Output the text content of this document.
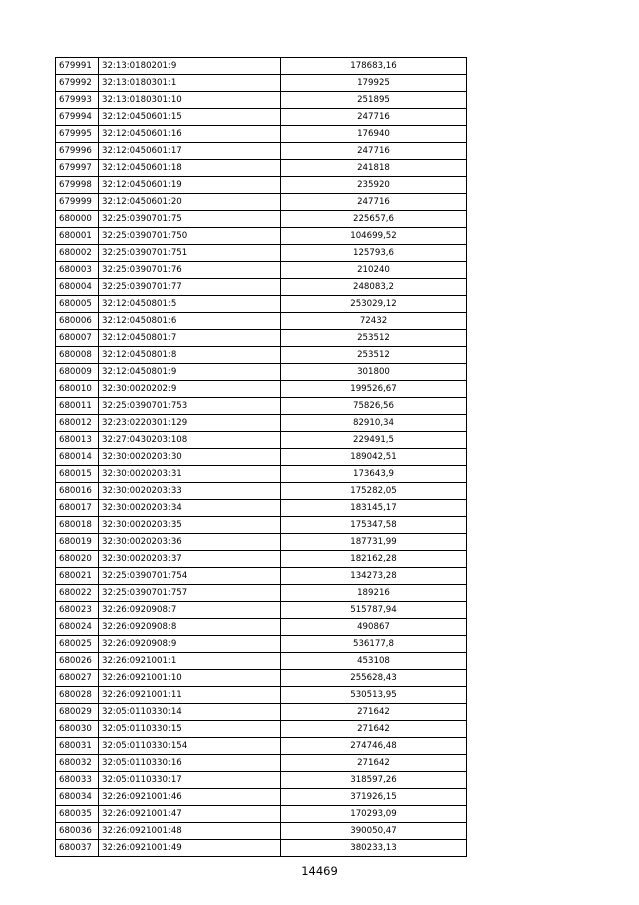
679991	32:13:0180201:9	178683,16
679992	32:13:0180301:1	179925
679993	32:13:0180301:10	251895
679994	32:12:0450601:15	247716
679995	32:12:0450601:16	176940
679996	32:12:0450601:17	247716
679997	32:12:0450601:18	241818
679998	32:12:0450601:19	235920
679999	32:12:0450601:20	247716
680000	32:25:0390701:75	225657,6
680001	32:25:0390701:750	104699,52
680002	32:25:0390701:751	125793,6
680003	32:25:0390701:76	210240
680004	32:25:0390701:77	248083,2
680005	32:12:0450801:5	253029,12
680006	32:12:0450801:6	72432
680007	32:12:0450801:7	253512
680008	32:12:0450801:8	253512
680009	32:12:0450801:9	301800
680010	32:30:0020202:9	199526,67
680011	32:25:0390701:753	75826,56
680012	32:23:0220301:129	82910,34
680013	32:27:0430203:108	229491,5
680014	32:30:0020203:30	189042,51
680015	32:30:0020203:31	173643,9
680016	32:30:0020203:33	175282,05
680017	32:30:0020203:34	183145,17
680018	32:30:0020203:35	175347,58
680019	32:30:0020203:36	187731,99
680020	32:30:0020203:37	182162,28
680021	32:25:0390701:754	134273,28
680022	32:25:0390701:757	189216
680023	32:26:0920908:7	515787,94
680024	32:26:0920908:8	490867
680025	32:26:0920908:9	536177,8
680026	32:26:0921001:1	453108
680027	32:26:0921001:10	255628,43
680028	32:26:0921001:11	530513,95
680029	32:05:0110330:14	271642
680030	32:05:0110330:15	271642
680031	32:05:0110330:154	274746,48
680032	32:05:0110330:16	271642
680033	32:05:0110330:17	318597,26
680034	32:26:0921001:46	371926,15
680035	32:26:0921001:47	170293,09
680036	32:26:0921001:48	390050,47
680037	32:26:0921001:49	380233,13
14469
